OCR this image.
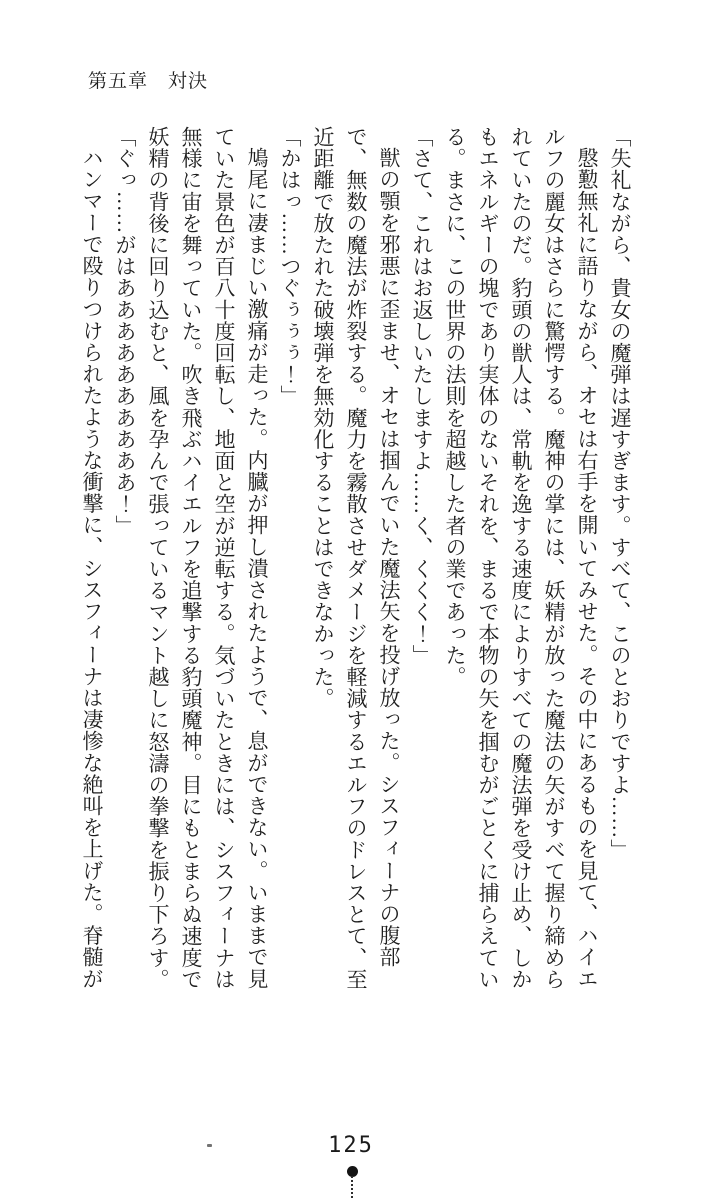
第五章　対決

「失礼ながら、貴女の魔弾は遅すぎます。すべて、このとおりですよ……」

慇懃無礼に語りながら、オセは右手を開いてみせた。その中にあるものを見て、ハイエルフの麗女はさらに驚愕する。魔神の掌には、妖精が放った魔法の矢がすべて握り締められていたのだ。豹頭の獣人は、常軌を逸する速度によりすべての魔法弾を受け止め、しかもエネルギーの塊であり実体のないそれを、まるで本物の矢を掴むがごとくに捕らえている。まさに、この世界の法則を超越した者の業であった。

「さて、これはお返しいたしますよ……く、くくく！」

獣の顎を邪悪に歪ませ、オセは掴んでいた魔法矢を投げ放った。シスフィーナの腹部で、無数の魔法が炸裂する。魔力を霧散させダメージを軽減するエルフのドレスとて、至近距離で放たれた破壊弾を無効化することはできなかった。

「かはっ……つぐぅぅぅ！」

鳩尾に凄まじい激痛が走った。内臓が押し潰されたようで、息ができない。いままで見ていた景色が百八十度回転し、地面と空が逆転する。気づいたときには、シスフィーナは無様に宙を舞っていた。吹き飛ぶハイエルフを追撃する豹頭魔神。目にもとまらぬ速度で妖精の背後に回り込むと、風を孕んで張っているマント越しに怒濤の拳撃を振り下ろす。

「ぐっ……がはああああああああああ！」

ハンマーで殴りつけられたような衝撃に、シスフィーナは凄惨な絶叫を上げた。脊髄が

125
